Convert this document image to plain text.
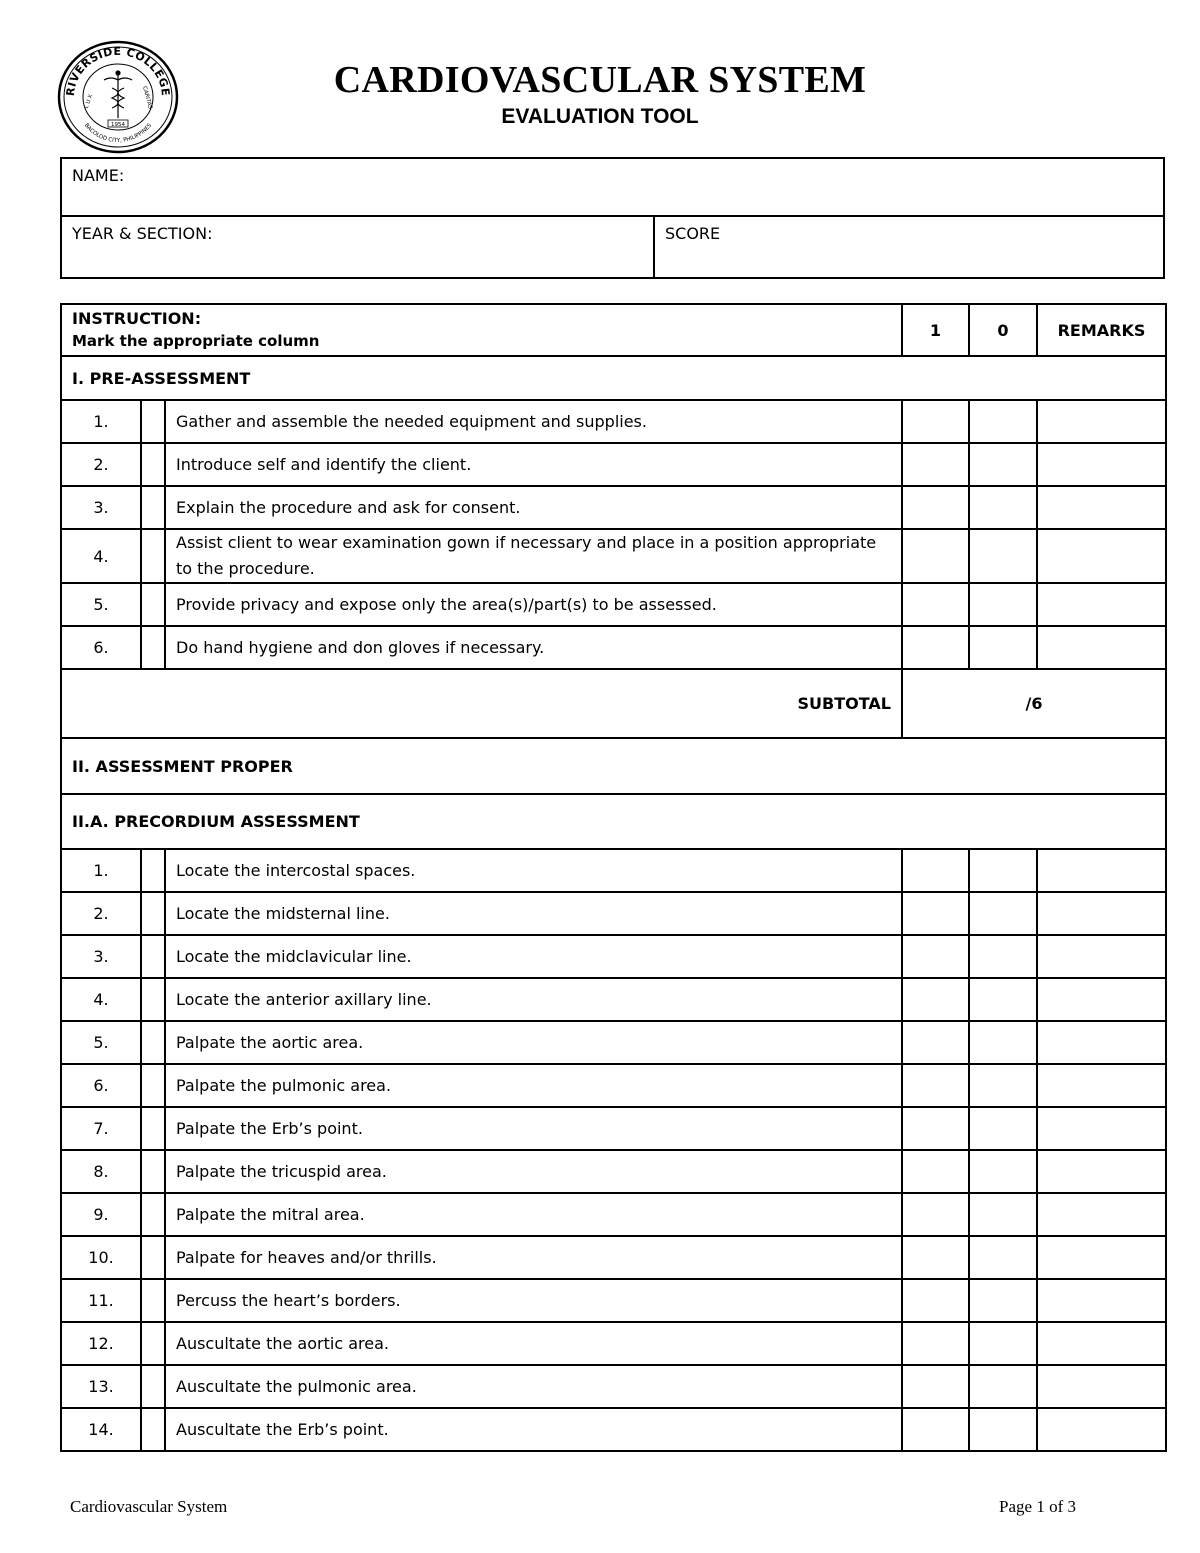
RIVERSIDE COLLEGE
BACOLOD CITY, PHILIPPINES
L U X	CARITAS
1954
CARDIOVASCULAR SYSTEM
EVALUATION TOOL
NAME:
YEAR & SECTION:	SCORE
INSTRUCTION:
Mark the appropriate column			1	0	REMARKS
I. PRE-ASSESSMENT					
1.		Gather and assemble the needed equipment and supplies.			
2.		Introduce self and identify the client.			
3.		Explain the procedure and ask for consent.			
4.		Assist client to wear examination gown if necessary and place in a position appropriate to the procedure.			
5.		Provide privacy and expose only the area(s)/part(s) to be assessed.			
6.		Do hand hygiene and don gloves if necessary.			
SUBTOTAL			/6		
II. ASSESSMENT PROPER					
II.A. PRECORDIUM ASSESSMENT					
1.		Locate the intercostal spaces.			
2.		Locate the midsternal line.			
3.		Locate the midclavicular line.			
4.		Locate the anterior axillary line.			
5.		Palpate the aortic area.			
6.		Palpate the pulmonic area.			
7.		Palpate the Erb’s point.			
8.		Palpate the tricuspid area.			
9.		Palpate the mitral area.			
10.		Palpate for heaves and/or thrills.			
11.		Percuss the heart’s borders.			
12.		Auscultate the aortic area.			
13.		Auscultate the pulmonic area.			
14.		Auscultate the Erb’s point.			
Cardiovascular System	Page 1 of 3
